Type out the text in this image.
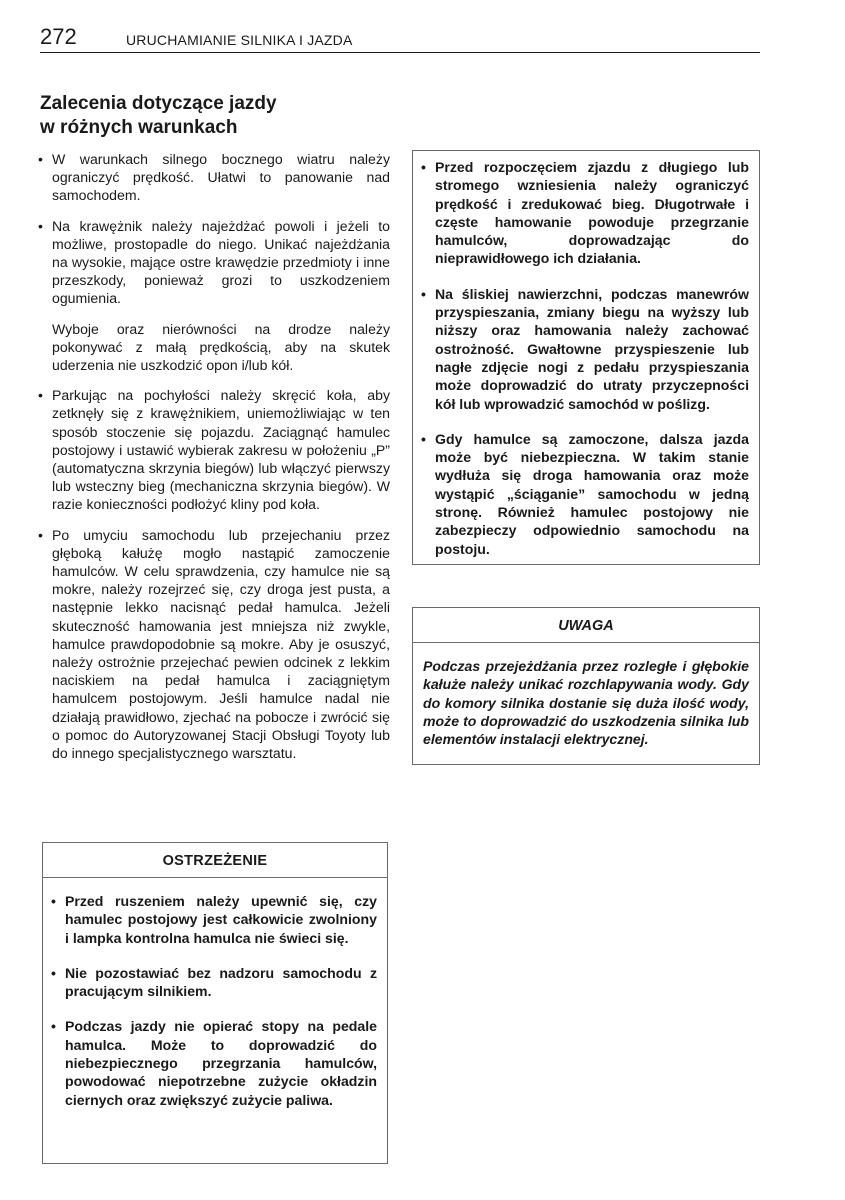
272	URUCHAMIANIE SILNIKA I JAZDA
Zalecenia dotyczące jazdy
w różnych warunkach

• W warunkach silnego bocznego wiatru należy ograniczyć prędkość. Ułatwi to panowanie nad samochodem.

• Na krawężnik należy najeżdżać powoli i jeżeli to możliwe, prostopadle do niego. Unikać najeżdżania na wysokie, mające ostre krawędzie przedmioty i inne przeszkody, ponieważ grozi to uszkodzeniem ogumienia.

Wyboje oraz nierówności na drodze należy pokonywać z małą prędkością, aby na skutek uderzenia nie uszkodzić opon i/lub kół.

• Parkując na pochyłości należy skręcić koła, aby zetknęły się z krawężnikiem, uniemożliwiając w ten sposób stoczenie się pojazdu. Zaciągnąć hamulec postojowy i ustawić wybierak zakresu w położeniu „P” (automatyczna skrzynia biegów) lub włączyć pierwszy lub wsteczny bieg (mechaniczna skrzynia biegów). W razie konieczności podłożyć kliny pod koła.

• Po umyciu samochodu lub przejechaniu przez głęboką kałużę mogło nastąpić zamoczenie hamulców. W celu sprawdzenia, czy hamulce nie są mokre, należy rozejrzeć się, czy droga jest pusta, a następnie lekko nacisnąć pedał hamulca. Jeżeli skuteczność hamowania jest mniejsza niż zwykle, hamulce prawdopodobnie są mokre. Aby je osuszyć, należy ostrożnie przejechać pewien odcinek z lekkim naciskiem na pedał hamulca i zaciągniętym hamulcem postojowym. Jeśli hamulce nadal nie działają prawidłowo, zjechać na pobocze i zwrócić się o pomoc do Autoryzowanej Stacji Obsługi Toyoty lub do innego specjalistycznego warsztatu.

• Przed rozpoczęciem zjazdu z długiego lub stromego wzniesienia należy ograniczyć prędkość i zredukować bieg. Długotrwałe i częste hamowanie powoduje przegrzanie hamulców, doprowadzając do nieprawidłowego ich działania.

• Na śliskiej nawierzchni, podczas manewrów przyspieszania, zmiany biegu na wyższy lub niższy oraz hamowania należy zachować ostrożność. Gwałtowne przyspieszenie lub nagłe zdjęcie nogi z pedału przyspieszania może doprowadzić do utraty przyczepności kół lub wprowadzić samochód w poślizg.

• Gdy hamulce są zamoczone, dalsza jazda może być niebezpieczna. W takim stanie wydłuża się droga hamowania oraz może wystąpić „ściąganie” samochodu w jedną stronę. Również hamulec postojowy nie zabezpieczy odpowiednio samochodu na postoju.

UWAGA
Podczas przejeżdżania przez rozległe i głębokie kałuże należy unikać rozchlapywania wody. Gdy do komory silnika dostanie się duża ilość wody, może to doprowadzić do uszkodzenia silnika lub elementów instalacji elektrycznej.
OSTRZEŻENIE

• Przed ruszeniem należy upewnić się, czy hamulec postojowy jest całkowicie zwolniony i lampka kontrolna hamulca nie świeci się.

• Nie pozostawiać bez nadzoru samochodu z pracującym silnikiem.

• Podczas jazdy nie opierać stopy na pedale hamulca. Może to doprowadzić do niebezpiecznego przegrzania hamulców, powodować niepotrzebne zużycie okładzin ciernych oraz zwiększyć zużycie paliwa.
